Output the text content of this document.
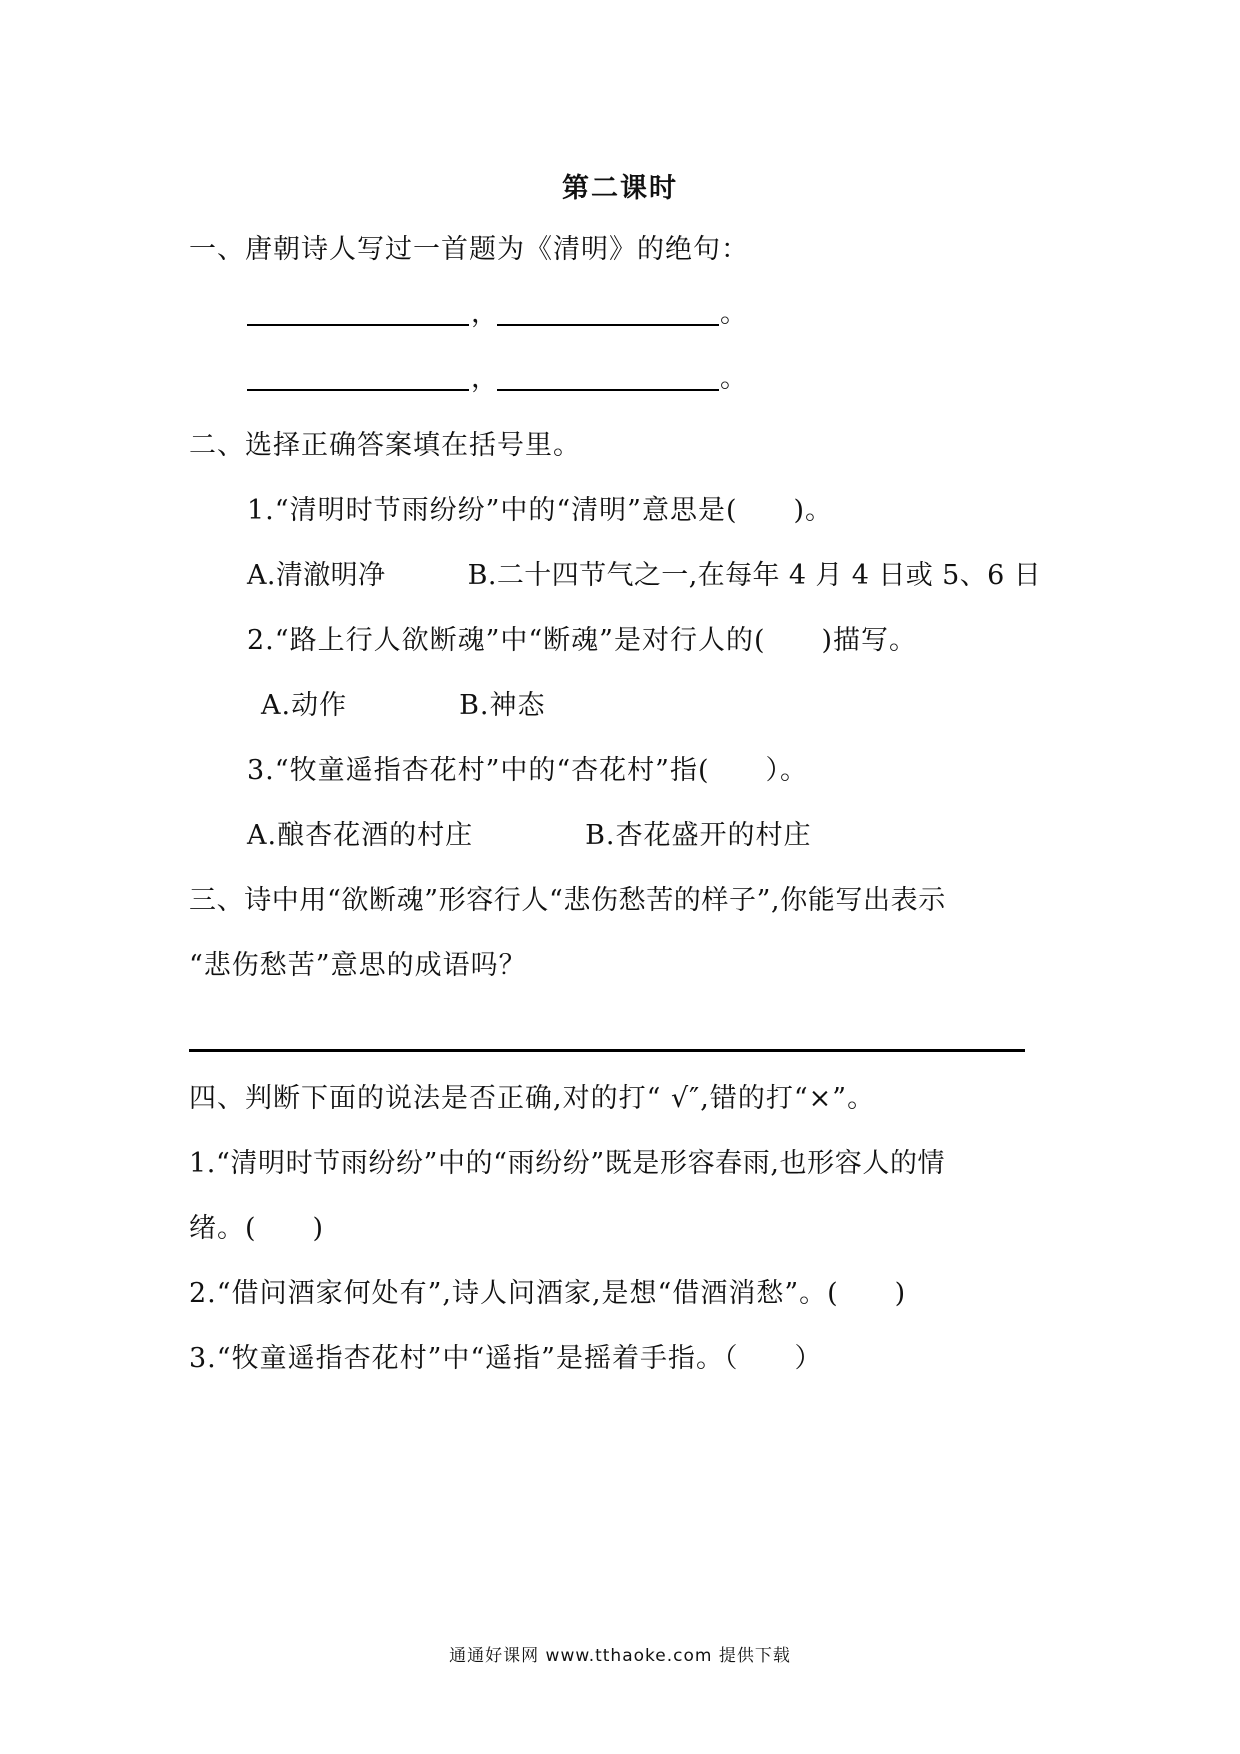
第二课时
一、唐朝诗人写过一首题为《清明》的绝句：
，	。
，	。
二、选择正确答案填在括号里。
1.“清明时节雨纷纷”中的“清明”意思是(　　)。
A.清澈明净　　　B.二十四节气之一,在每年 4 月 4 日或 5、6 日
2.“路上行人欲断魂”中“断魂”是对行人的(　　)描写。
A.动作　　　　B.神态
3.“牧童遥指杏花村”中的“杏花村”指(　　）。
A.酿杏花酒的村庄　　　　B.杏花盛开的村庄
三、诗中用“欲断魂”形容行人“悲伤愁苦的样子”,你能写出表示
“悲伤愁苦”意思的成语吗？
四、判断下面的说法是否正确,对的打“ √″,错的打“×”。
1.“清明时节雨纷纷”中的“雨纷纷”既是形容春雨,也形容人的情
绪。(　　)
2.“借问酒家何处有”,诗人问酒家,是想“借酒消愁”。(　　)
3.“牧童遥指杏花村”中“遥指”是摇着手指。（　　）
通通好课网 www.tthaoke.com 提供下载
